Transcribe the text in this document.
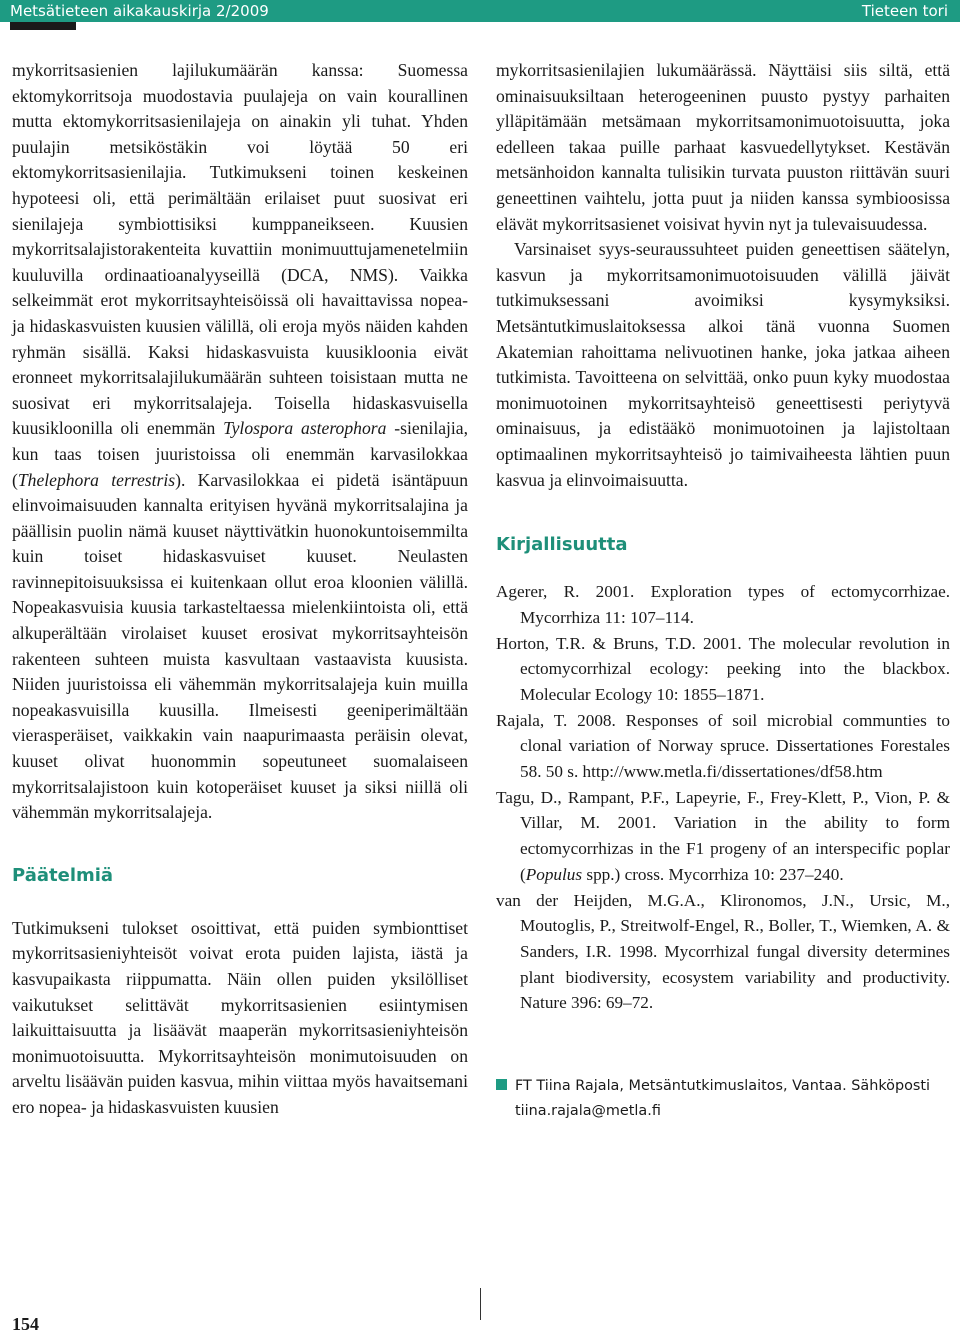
Metsätieteen aikakauskirja 2/2009	Tieteen tori

mykorritsasienien lajilukumäärän kanssa: Suomessa ektomykorritsoja muodostavia puulajeja on vain kourallinen mutta ektomykorritsasienilajeja on ainakin yli tuhat. Yhden puulajin metsiköstäkin voi löytää 50 eri ektomykorritsasienilajia. Tutkimukseni toinen keskeinen hypoteesi oli, että perimältään erilaiset puut suosivat eri sienilajeja symbiottisiksi kumppaneikseen. Kuusien mykorritsalajistorakenteita kuvattiin monimuuttujamenetelmiin kuuluvilla ordinaatioanalyyseillä (DCA, NMS). Vaikka selkeimmät erot mykorritsayhteisöissä oli havaittavissa nopea- ja hidaskasvuisten kuusien välillä, oli eroja myös näiden kahden ryhmän sisällä. Kaksi hidaskasvuista kuusikloonia eivät eronneet mykorritsalajilukumäärän suhteen toisistaan mutta ne suosivat eri mykorritsalajeja. Toisella hidaskasvuisella kuusikloonilla oli enemmän Tylospora asterophora -sienilajia, kun taas toisen juuristoissa oli enemmän karvasilokkaa (Thelephora terrestris). Karvasilokkaa ei pidetä isäntäpuun elinvoimaisuuden kannalta erityisen hyvänä mykorritsalajina ja päällisin puolin nämä kuuset näyttivätkin huonokuntoisemmilta kuin toiset hidaskasvuiset kuuset. Neulasten ravinnepitoisuuksissa ei kuitenkaan ollut eroa kloonien välillä. Nopeakasvuisia kuusia tarkasteltaessa mielenkiintoista oli, että alkuperältään virolaiset kuuset erosivat mykorritsayhteisön rakenteen suhteen muista kasvultaan vastaavista kuusista. Niiden juuristoissa eli vähemmän mykorritsalajeja kuin muilla nopeakasvuisilla kuusilla. Ilmeisesti geeniperimältään vierasperäiset, vaikkakin vain naapurimaasta peräisin olevat, kuuset olivat huonommin sopeutuneet suomalaiseen mykorritsalajistoon kuin kotoperäiset kuuset ja siksi niillä oli vähemmän mykorritsalajeja.

Päätelmiä

Tutkimukseni tulokset osoittivat, että puiden symbionttiset mykorritsasieniyhteisöt voivat erota puiden lajista, iästä ja kasvupaikasta riippumatta. Näin ollen puiden yksilölliset vaikutukset selittävät mykorritsasienien esiintymisen laikuittaisuutta ja lisäävät maaperän mykorritsasieniyhteisön monimuotoisuutta. Mykorritsayhteisön monimutoisuuden on arveltu lisäävän puiden kasvua, mihin viittaa myös havaitsemani ero nopea- ja hidaskasvuisten kuusien

mykorritsasienilajien lukumäärässä. Näyttäisi siis siltä, että ominaisuuksiltaan heterogeeninen puusto pystyy parhaiten ylläpitämään metsämaan mykorritsamonimuotoisuutta, joka edelleen takaa puille parhaat kasvuedellytykset. Kestävän metsänhoidon kannalta tulisikin turvata puuston riittävän suuri geneettinen vaihtelu, jotta puut ja niiden kanssa symbioosissa elävät mykorritsasienet voisivat hyvin nyt ja tulevaisuudessa.

Varsinaiset syys-seuraussuhteet puiden geneettisen säätelyn, kasvun ja mykorritsamonimuotoisuuden välillä jäivät tutkimuksessani avoimiksi kysymyksiksi. Metsäntutkimuslaitoksessa alkoi tänä vuonna Suomen Akatemian rahoittama nelivuotinen hanke, joka jatkaa aiheen tutkimista. Tavoitteena on selvittää, onko puun kyky muodostaa monimuotoinen mykorritsayhteisö geneettisesti periytyvä ominaisuus, ja edistääkö monimuotoinen ja lajistoltaan optimaalinen mykorritsayhteisö jo taimivaiheesta lähtien puun kasvua ja elinvoimaisuutta.

Kirjallisuutta

Agerer, R. 2001. Exploration types of ectomycorrhizae. Mycorrhiza 11: 107–114.

Horton, T.R. & Bruns, T.D. 2001. The molecular revolution in ectomycorrhizal ecology: peeking into the blackbox. Molecular Ecology 10: 1855–1871.

Rajala, T. 2008. Responses of soil microbial communties to clonal variation of Norway spruce. Dissertationes Forestales 58. 50 s. http://www.metla.fi/dissertationes/df58.htm

Tagu, D., Rampant, P.F., Lapeyrie, F., Frey-Klett, P., Vion, P. & Villar, M. 2001. Variation in the ability to form ectomycorrhizas in the F1 progeny of an interspecific poplar (Populus spp.) cross. Mycorrhiza 10: 237–240.

van der Heijden, M.G.A., Klironomos, J.N., Ursic, M., Moutoglis, P., Streitwolf-Engel, R., Boller, T., Wiemken, A. & Sanders, I.R. 1998. Mycorrhizal fungal diversity determines plant biodiversity, ecosystem variability and productivity. Nature 396: 69–72.

FT Tiina Rajala, Metsäntutkimuslaitos, Vantaa. Sähköposti
tiina.rajala@metla.fi
154
